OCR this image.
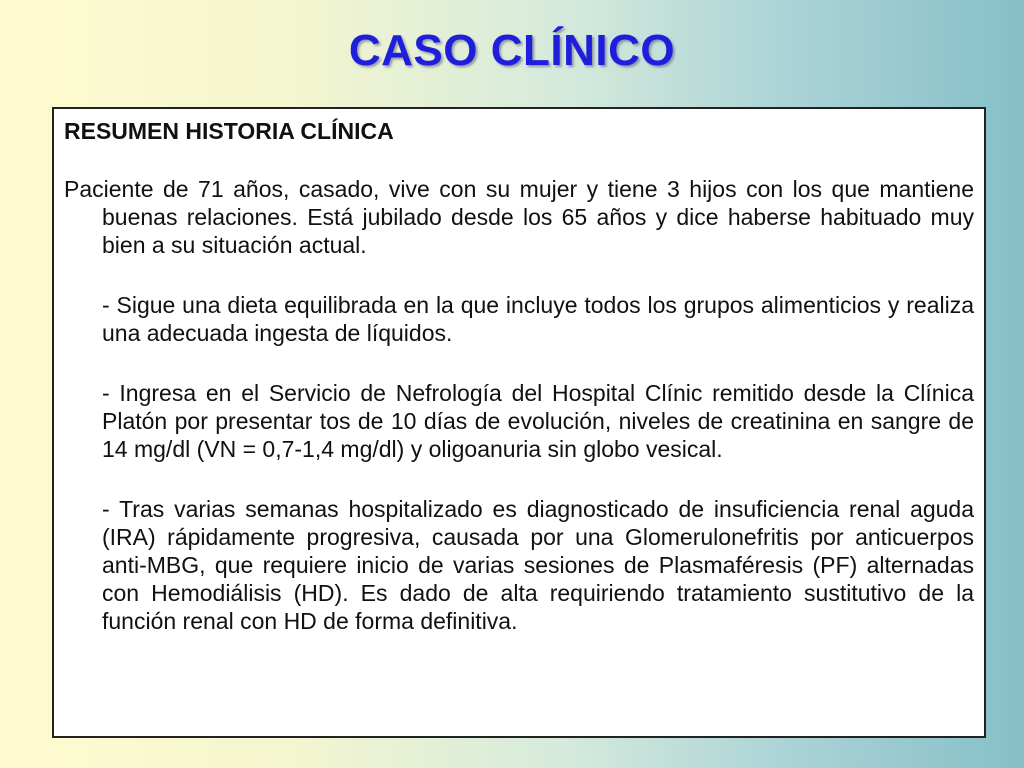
CASO CLÍNICO
RESUMEN HISTORIA CLÍNICA

Paciente de 71 años, casado, vive con su mujer y tiene 3 hijos con los que mantiene buenas relaciones. Está jubilado desde los 65 años y dice haberse habituado muy bien a su situación actual.

- Sigue una dieta equilibrada en la que incluye todos los grupos alimenticios y realiza una adecuada ingesta de líquidos.

- Ingresa en el Servicio de Nefrología del Hospital Clínic remitido desde la Clínica Platón por presentar tos de 10 días de evolución, niveles de creatinina en sangre de 14 mg/dl (VN = 0,7-1,4 mg/dl) y oligoanuria sin globo vesical.

- Tras varias semanas hospitalizado es diagnosticado de insuficiencia renal aguda (IRA) rápidamente progresiva, causada por una Glomerulonefritis por anticuerpos anti-MBG, que requiere inicio de varias sesiones de Plasmaféresis (PF) alternadas con Hemodiálisis (HD). Es dado de alta requiriendo tratamiento sustitutivo de la función renal con HD de forma definitiva.
